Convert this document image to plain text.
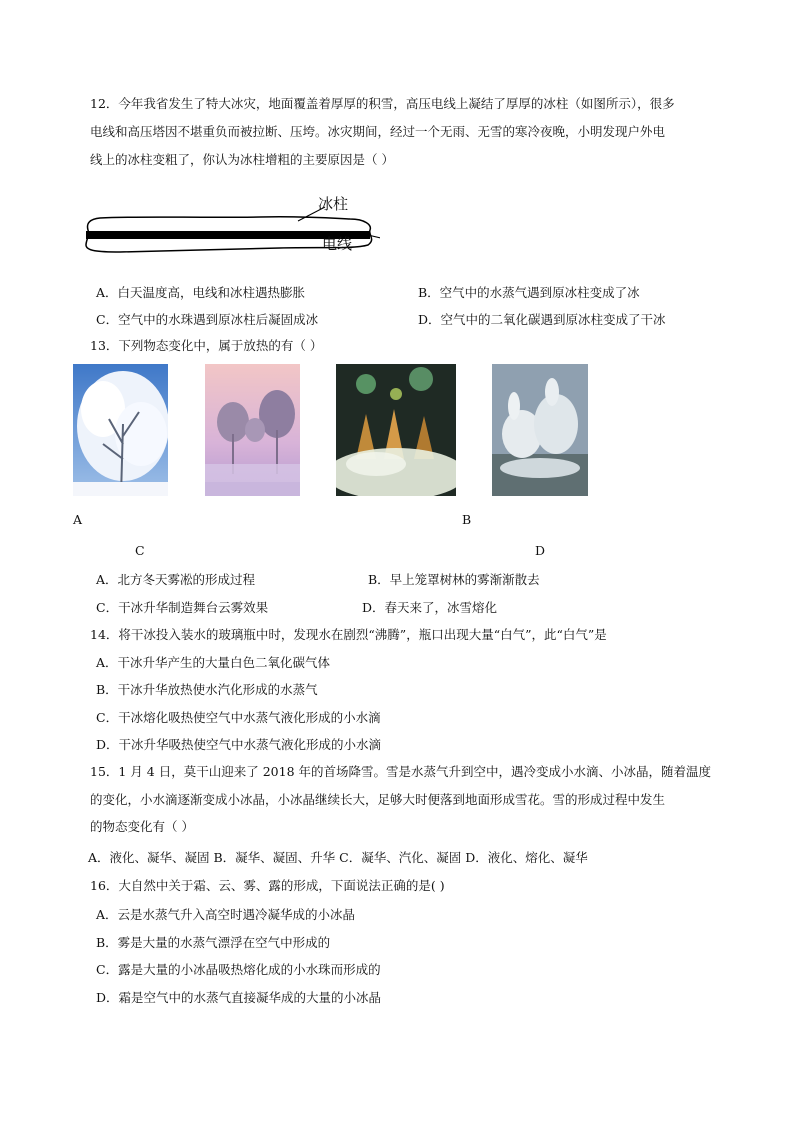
12．今年我省发生了特大冰灾，地面覆盖着厚厚的积雪，高压电线上凝结了厚厚的冰柱（如图所示），很多
电线和高压塔因不堪重负而被拉断、压垮。冰灾期间，经过一个无雨、无雪的寒冷夜晚，小明发现户外电
线上的冰柱变粗了，你认为冰柱增粗的主要原因是（ ）
冰柱
电线
A．白天温度高，电线和冰柱遇热膨胀	B．空气中的水蒸气遇到原冰柱变成了冰
C．空气中的水珠遇到原冰柱后凝固成冰	D．空气中的二氧化碳遇到原冰柱变成了干冰
13．下列物态变化中，属于放热的有（ ）
A	B
C	D
A．北方冬天雾凇的形成过程	B．早上笼罩树林的雾渐渐散去
C．干冰升华制造舞台云雾效果	D．春天来了，冰雪熔化
14．将干冰投入装水的玻璃瓶中时，发现水在剧烈“沸腾”，瓶口出现大量“白气”，此“白气”是
A．干冰升华产生的大量白色二氧化碳气体
B．干冰升华放热使水汽化形成的水蒸气
C．干冰熔化吸热使空气中水蒸气液化形成的小水滴
D．干冰升华吸热使空气中水蒸气液化形成的小水滴
15．1 月 4 日，莫干山迎来了 2018 年的首场降雪。雪是水蒸气升到空中，遇冷变成小水滴、小冰晶，随着温度
的变化，小水滴逐渐变成小冰晶，小冰晶继续长大，足够大时便落到地面形成雪花。雪的形成过程中发生
的物态变化有（ ）
A．液化、凝华、凝固 B．凝华、凝固、升华 C．凝华、汽化、凝固 D．液化、熔化、凝华
16．大自然中关于霜、云、雾、露的形成，下面说法正确的是( )
A．云是水蒸气升入高空时遇冷凝华成的小冰晶
B．雾是大量的水蒸气漂浮在空气中形成的
C．露是大量的小冰晶吸热熔化成的小水珠而形成的
D．霜是空气中的水蒸气直接凝华成的大量的小冰晶
